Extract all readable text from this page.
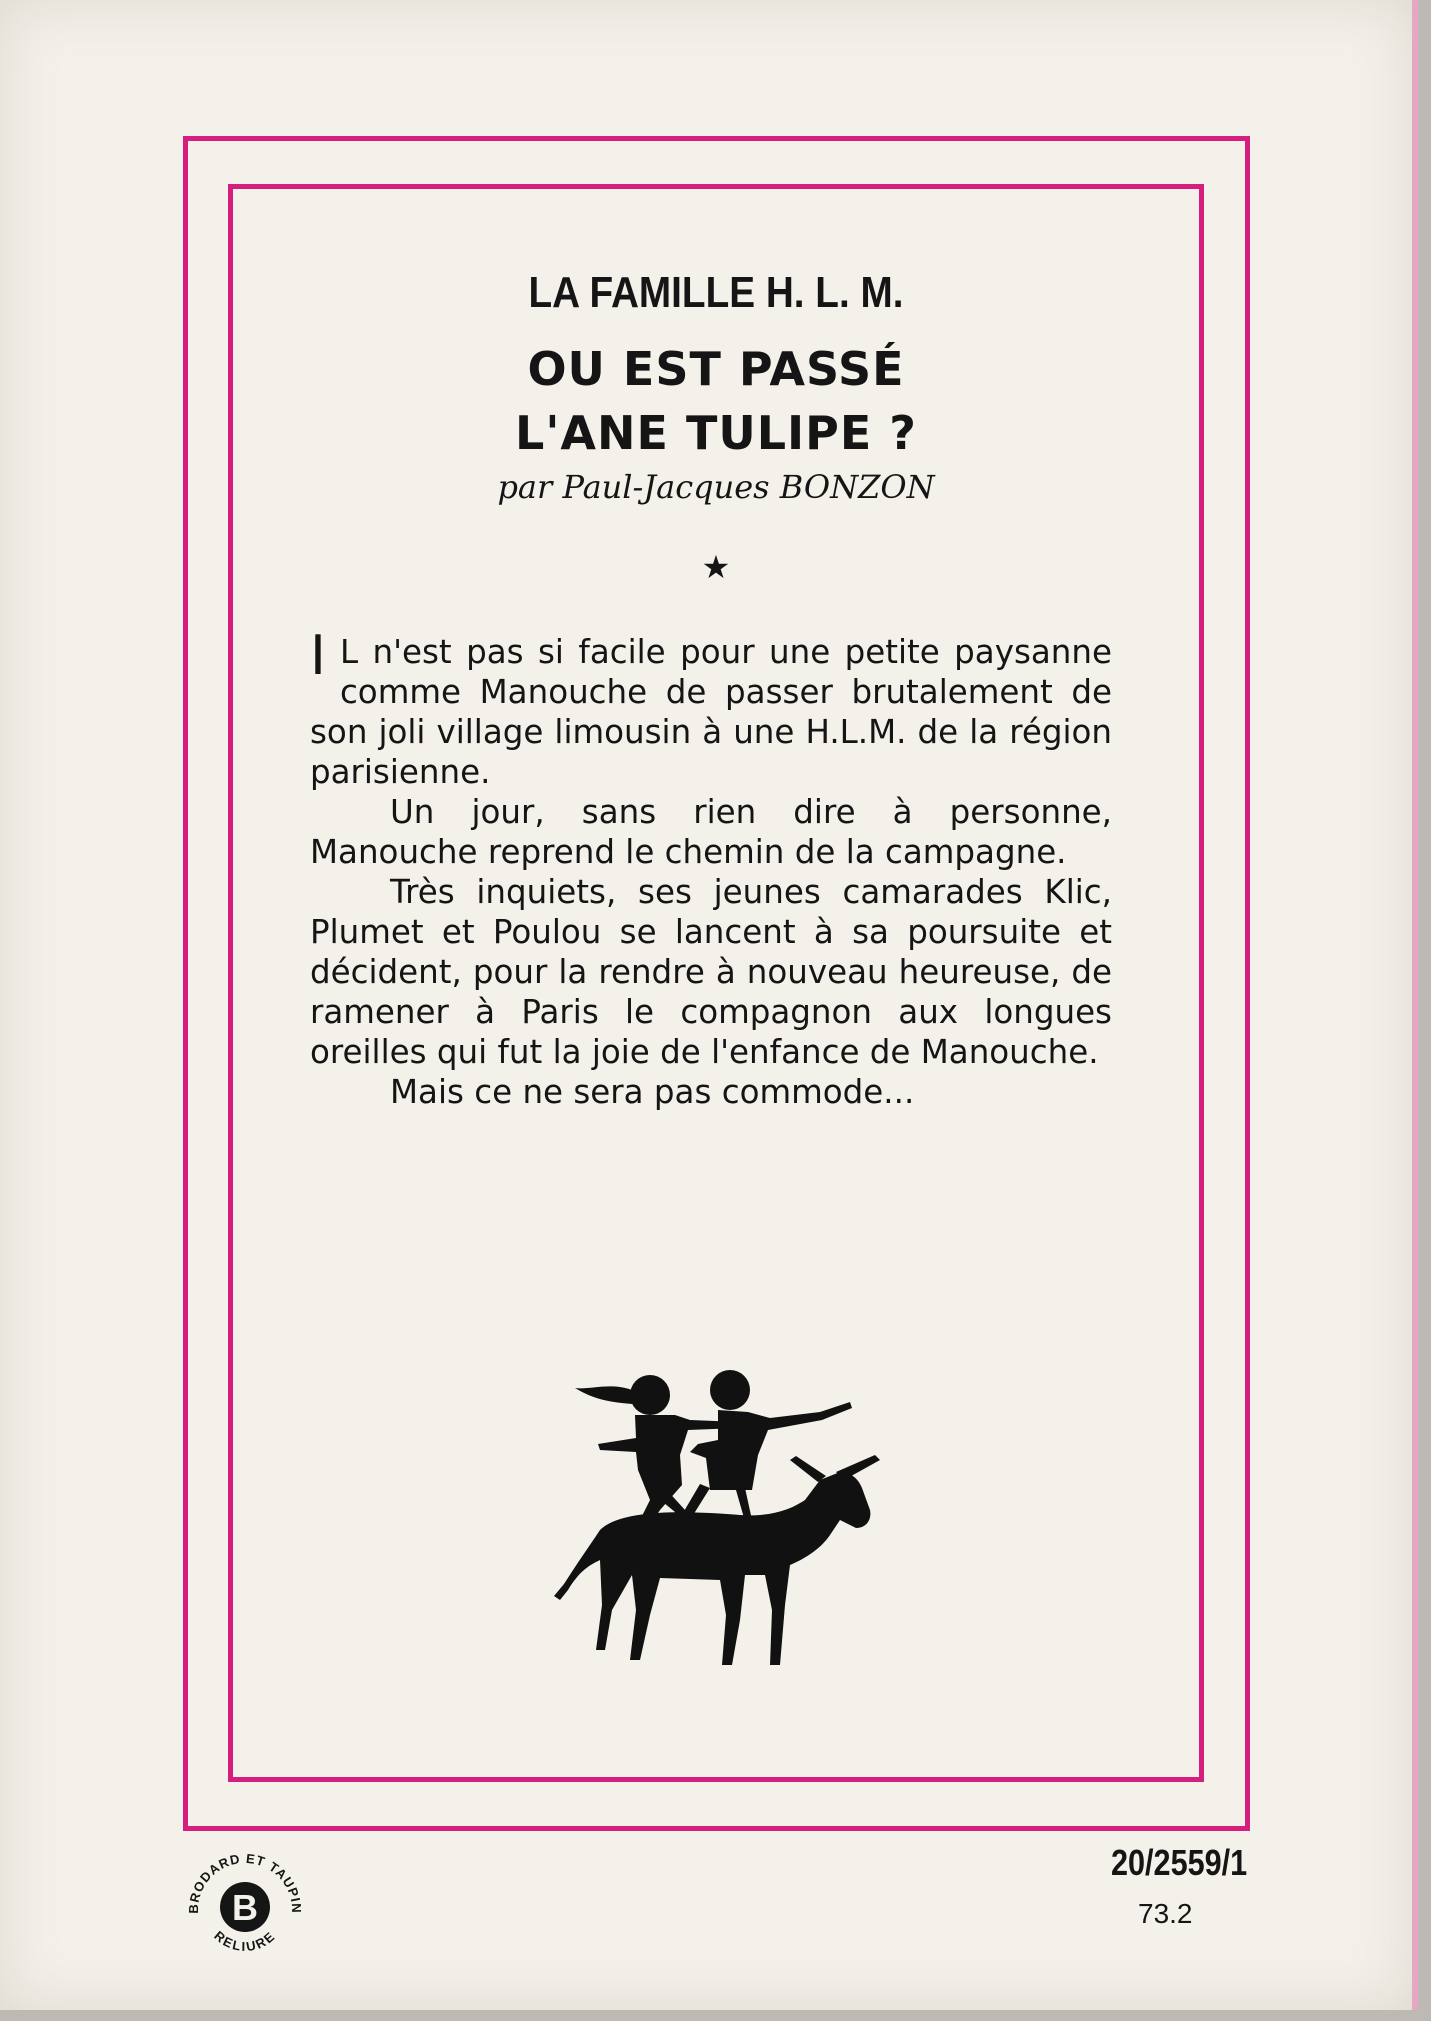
LA FAMILLE H. L. M.
OU EST PASSÉ
L'ANE TULIPE ?
par Paul-Jacques BONZON
★

I L n'est pas si facile pour une petite paysanne comme Manouche de passer brutalement de son joli village limousin à une H.L.M. de la région parisienne.

Un jour, sans rien dire à personne, Manouche reprend le chemin de la campagne.

Très inquiets, ses jeunes camarades Klic, Plumet et Poulou se lancent à sa poursuite et décident, pour la rendre à nouveau heureuse, de ramener à Paris le compagnon aux longues oreilles qui fut la joie de l'enfance de Manouche.

Mais ce ne sera pas commode...

BRODARD ET TAUPIN
RELIURE
B
20/2559/1
73.2
